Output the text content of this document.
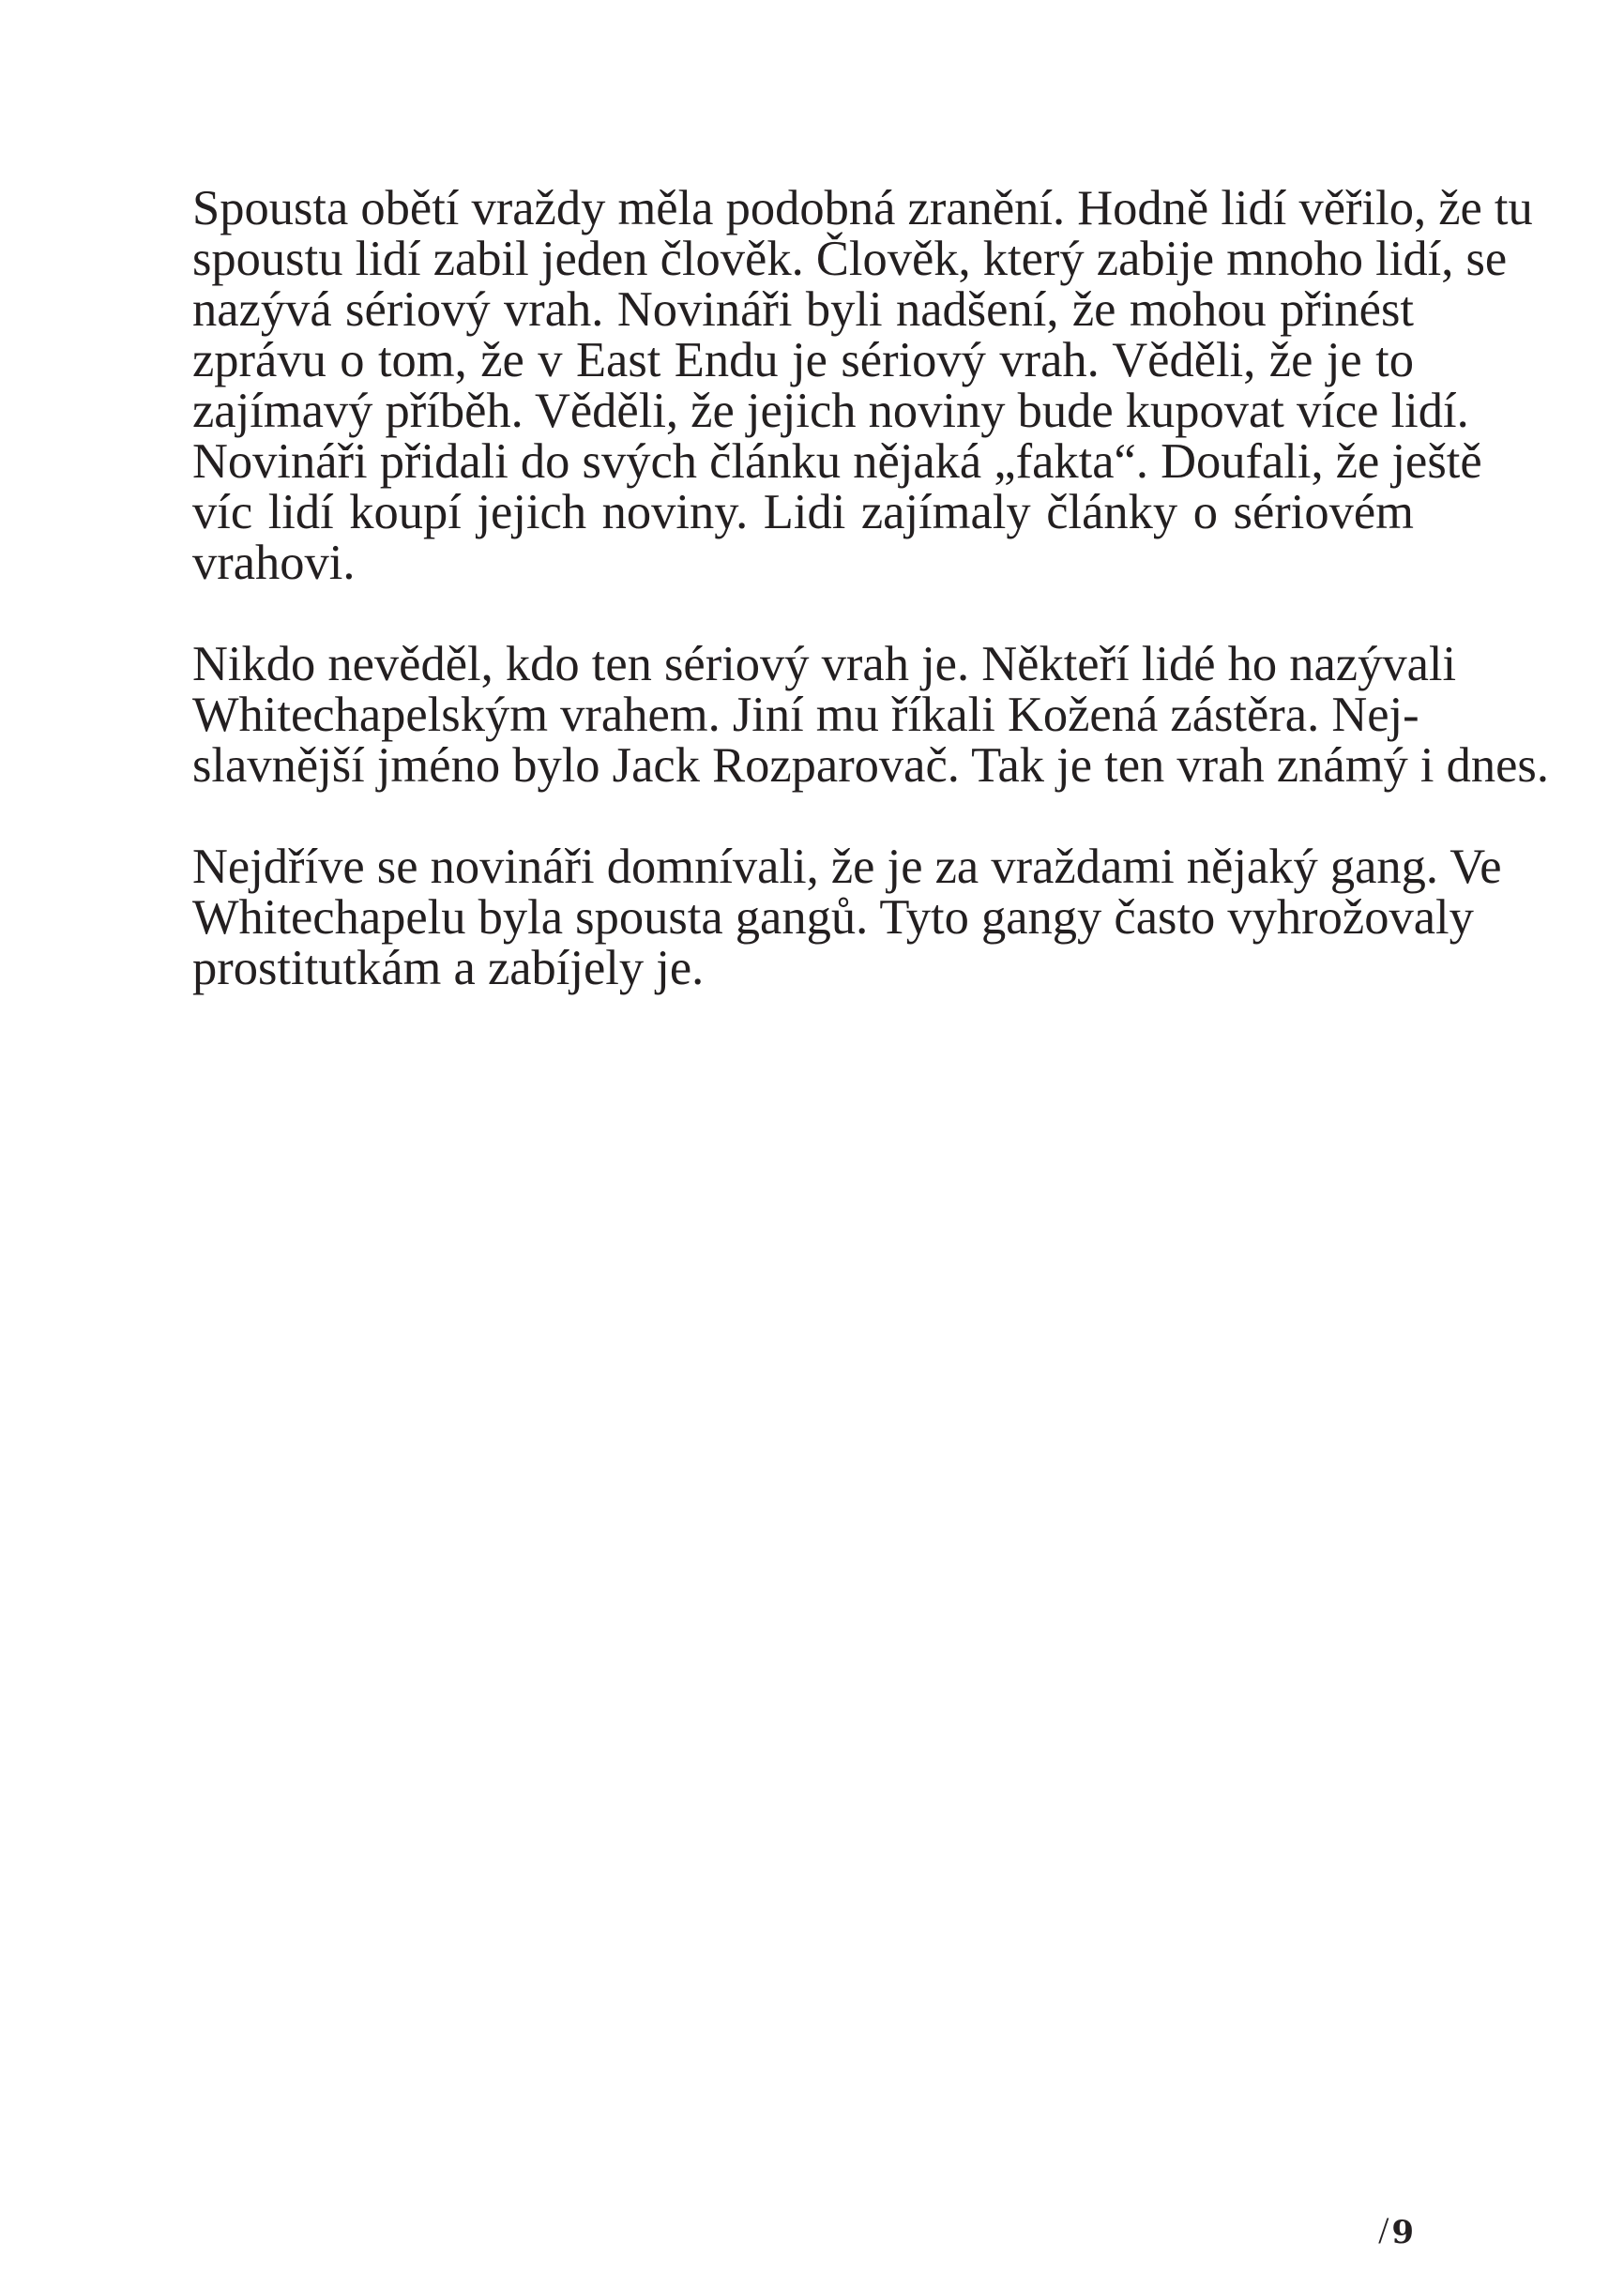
Spousta obětí vraždy měla podobná zranění. Hodně lidí věřilo, že tu
spoustu lidí zabil jeden člověk. Člověk, který zabije mnoho lidí, se
nazývá sériový vrah. Novináři byli nadšení, že mohou přinést
zprávu o tom, že v East Endu je sériový vrah. Věděli, že je to
zajímavý příběh. Věděli, že jejich noviny bude kupovat více lidí.
Novináři přidali do svých článku nějaká „fakta“. Doufali, že ještě
víc lidí koupí jejich noviny. Lidi zajímaly články o sériovém
vrahovi.

Nikdo nevěděl, kdo ten sériový vrah je. Někteří lidé ho nazývali
Whitechapelským vrahem. Jiní mu říkali Kožená zástěra. Nej-
slavnější jméno bylo Jack Rozparovač. Tak je ten vrah známý i dnes.

Nejdříve se novináři domnívali, že je za vraždami nějaký gang. Ve
Whitechapelu byla spousta gangů. Tyto gangy často vyhrožovaly
prostitutkám a zabíjely je.

/9
